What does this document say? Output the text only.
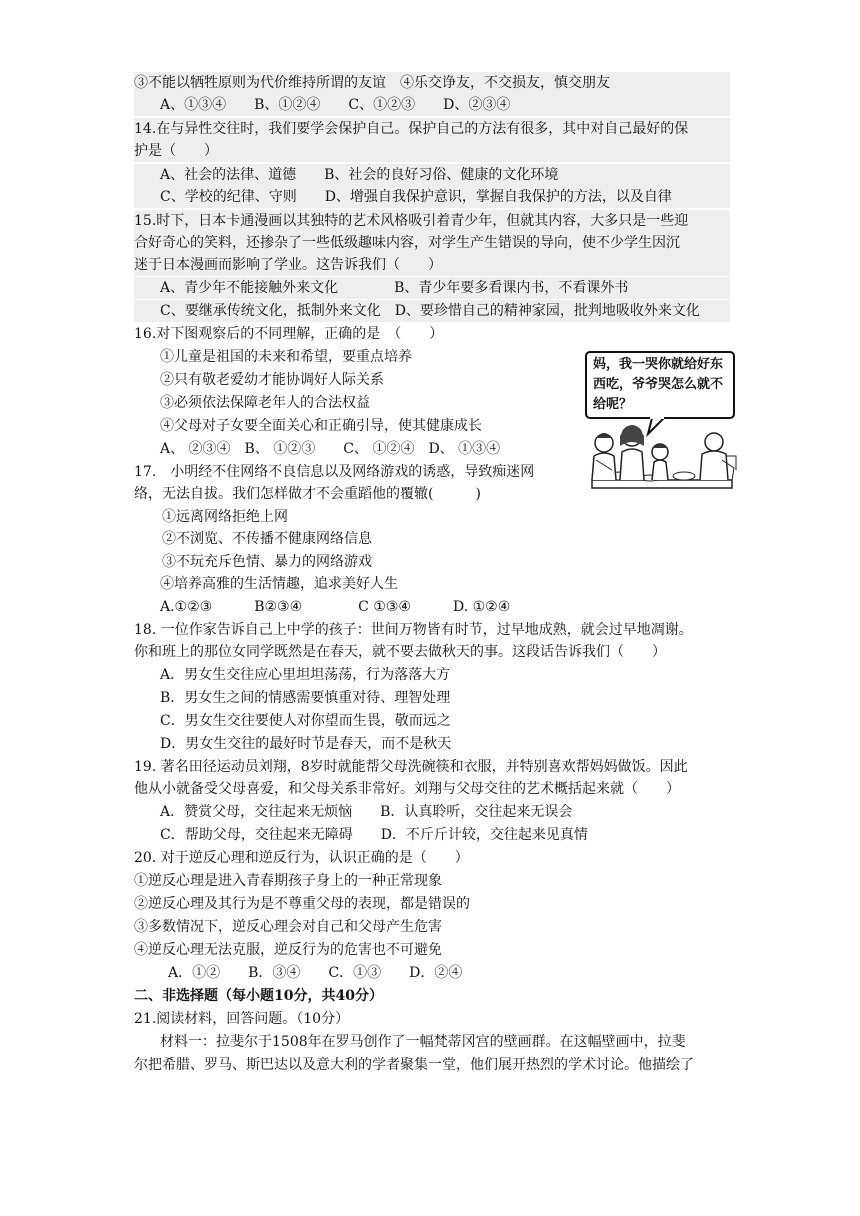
③不能以牺牲原则为代价维持所谓的友谊　④乐交诤友，不交损友，慎交朋友
A、①③④　　B、①②④　　C、①②③　　D、②③④
14.在与异性交往时，我们要学会保护自己。保护自己的方法有很多，其中对自己最好的保
护是（　　）
A、社会的法律、道德　　B、社会的良好习俗、健康的文化环境
C、学校的纪律、守则　　D、增强自我保护意识，掌握自我保护的方法，以及自律
15.时下，日本卡通漫画以其独特的艺术风格吸引着青少年，但就其内容，大多只是一些迎
合好奇心的笑料，还掺杂了一些低级趣味内容，对学生产生错误的导向，使不少学生因沉
迷于日本漫画而影响了学业。这告诉我们（　　）
A、青少年不能接触外来文化　　　　B、青少年要多看课内书，不看课外书
C、要继承传统文化，抵制外来文化　D、要珍惜自己的精神家园，批判地吸收外来文化
16.对下图观察后的不同理解，正确的是　（　　）
①儿童是祖国的未来和希望，要重点培养
②只有敬老爱幼才能协调好人际关系
③必须依法保障老年人的合法权益
④父母对子女要全面关心和正确引导，使其健康成长
A、 ②③④　B、 ①②③　　C、 ①②④　D、 ①③④
妈，我一哭你就给好东西吃，爷爷哭怎么就不给呢？
17.　小明经不住网络不良信息以及网络游戏的诱惑，导致痴迷网
络，无法自拔。我们怎样做才不会重蹈他的覆辙(　　　)
①远离网络拒绝上网
②不浏览、不传播不健康网络信息
③不玩充斥色情、暴力的网络游戏
④培养高雅的生活情趣，追求美好人生
A.①②③　　　B②③④　　　　C ①③④　　　D. ①②④
18. 一位作家告诉自己上中学的孩子：世间万物皆有时节，过早地成熟，就会过早地凋谢。
你和班上的那位女同学既然是在春天，就不要去做秋天的事。这段话告诉我们（　　）
A．男女生交往应心里坦坦荡荡，行为落落大方
B．男女生之间的情感需要慎重对待、理智处理
C．男女生交往要使人对你望而生畏，敬而远之
D．男女生交往的最好时节是春天，而不是秋天
19. 著名田径运动员刘翔，8岁时就能帮父母洗碗筷和衣服，并特别喜欢帮妈妈做饭。因此
他从小就备受父母喜爱，和父母关系非常好。刘翔与父母交往的艺术概括起来就（　　）
A．赞赏父母，交往起来无烦恼　　B．认真聆听，交往起来无误会
C．帮助父母，交往起来无障碍　　D．不斤斤计较，交往起来见真情
20. 对于逆反心理和逆反行为，认识正确的是（　　）
①逆反心理是进入青春期孩子身上的一种正常现象
②逆反心理及其行为是不尊重父母的表现，都是错误的
③多数情况下，逆反心理会对自己和父母产生危害
④逆反心理无法克服，逆反行为的危害也不可避免
A．①②　　B．③④　　C．①③　　D．②④
二、非选择题（每小题10分，共40分）
21.阅读材料，回答问题。（10分）
材料一：拉斐尔于1508年在罗马创作了一幅梵蒂冈宫的壁画群。在这幅壁画中，拉斐
尔把希腊、罗马、斯巴达以及意大利的学者聚集一堂，他们展开热烈的学术讨论。他描绘了
